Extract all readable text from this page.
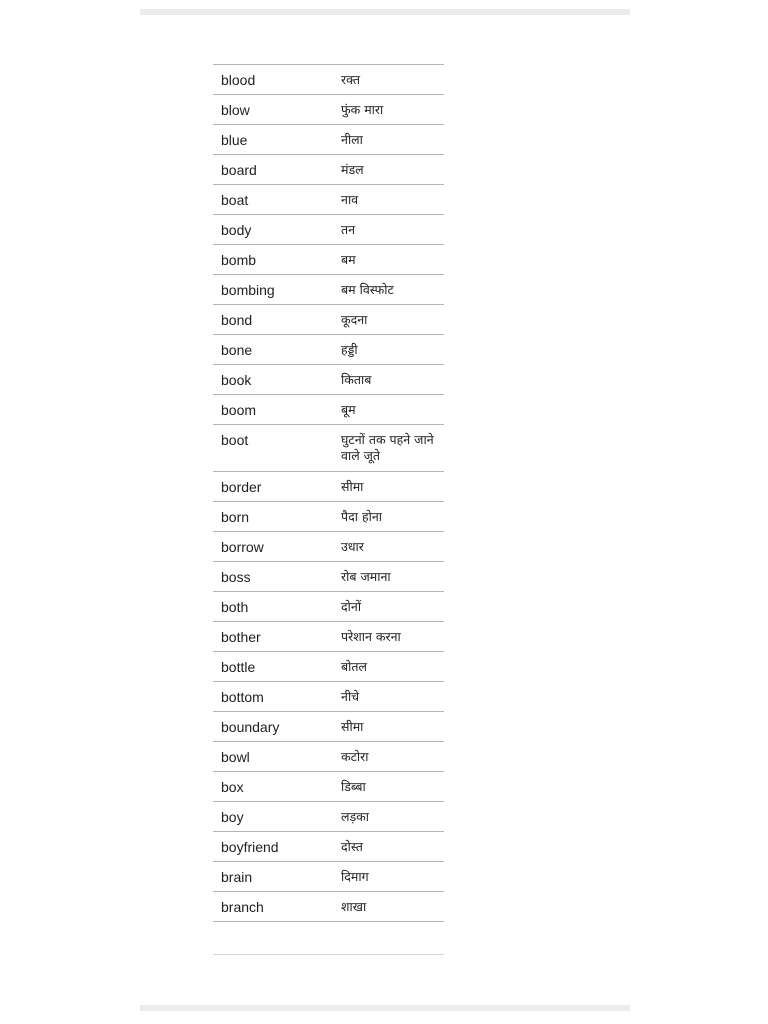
blood	रक्त
blow	फुंक मारा
blue	नीला
board	मंडल
boat	नाव
body	तन
bomb	बम
bombing	बम विस्फोट
bond	कूदना
bone	हड्डी
book	किताब
boom	बूम
boot	घुटनों तक पहने जाने वाले जूते
border	सीमा
born	पैदा होना
borrow	उधार
boss	रोब जमाना
both	दोनों
bother	परेशान करना
bottle	बोतल
bottom	नीचे
boundary	सीमा
bowl	कटोरा
box	डिब्बा
boy	लड़का
boyfriend	दोस्त
brain	दिमाग
branch	शाखा
